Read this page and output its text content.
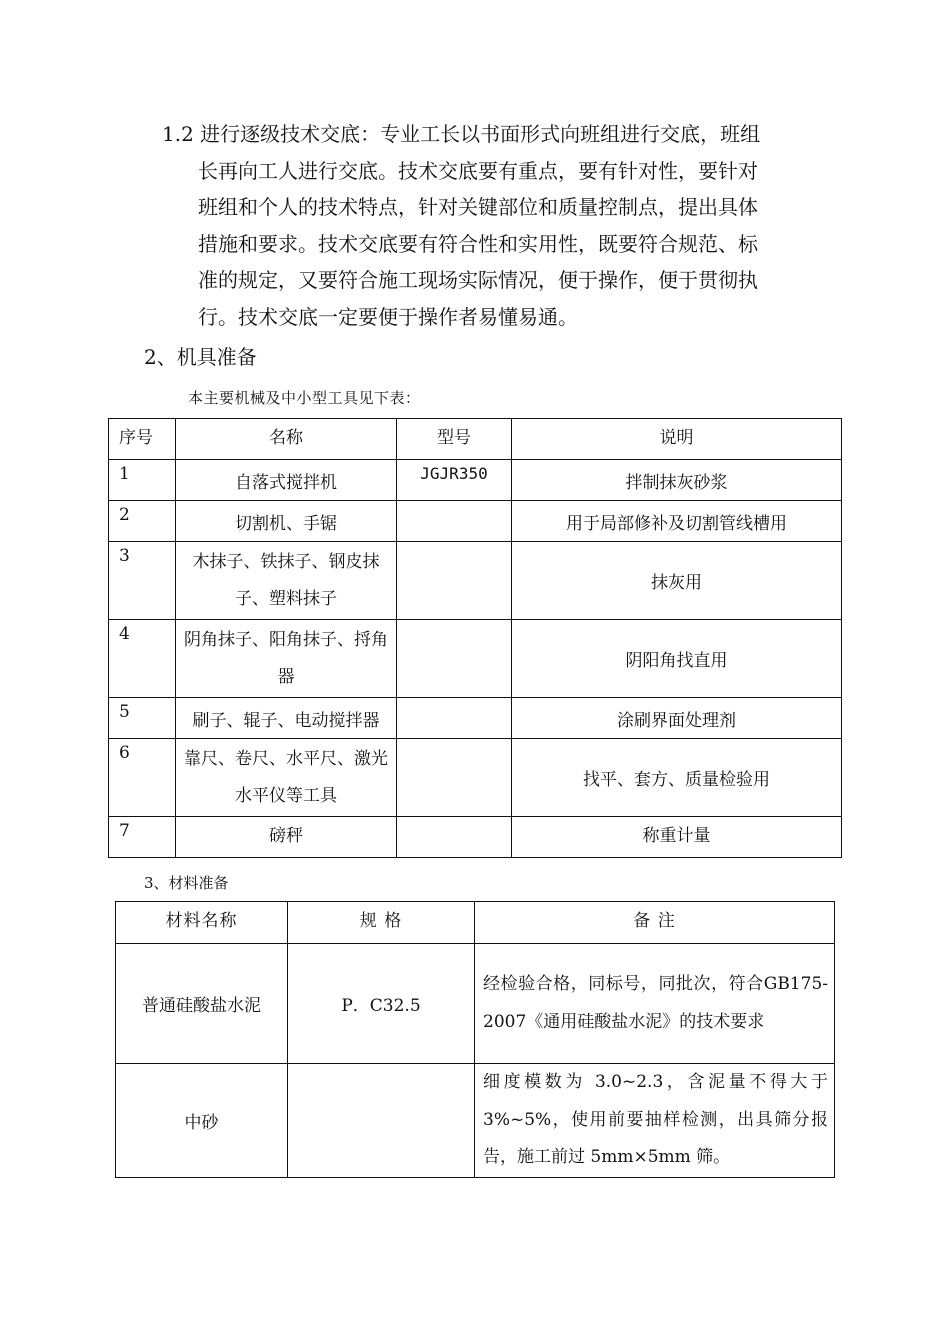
1.2 进行逐级技术交底：专业工长以书面形式向班组进行交底，班组
长再向工人进行交底。技术交底要有重点，要有针对性，要针对
班组和个人的技术特点，针对关键部位和质量控制点，提出具体
措施和要求。技术交底要有符合性和实用性，既要符合规范、标
准的规定，又要符合施工现场实际情况，便于操作，便于贯彻执
行。技术交底一定要便于操作者易懂易通。
2、机具准备
本主要机械及中小型工具见下表：
序号	名称	型号	说明
1	自落式搅拌机	JGJR350	拌制抹灰砂浆
2	切割机、手锯		用于局部修补及切割管线槽用
3	木抹子、铁抹子、钢皮抹子、塑料抹子		抹灰用
4	阴角抹子、阳角抹子、捋角器		阴阳角找直用
5	刷子、辊子、电动搅拌器		涂刷界面处理剂
6	靠尺、卷尺、水平尺、激光水平仪等工具		找平、套方、质量检验用
7	磅秤		称重计量
3、材料准备
材料名称	规 格	备 注
普通硅酸盐水泥	P．C32.5	经检验合格，同标号，同批次，符合GB175-2007《通用硅酸盐水泥》的技术要求
中砂		细度模数为 3.0~2.3，含泥量不得大于3%~5%，使用前要抽样检测，出具筛分报告，施工前过 5mm×5mm 筛。
